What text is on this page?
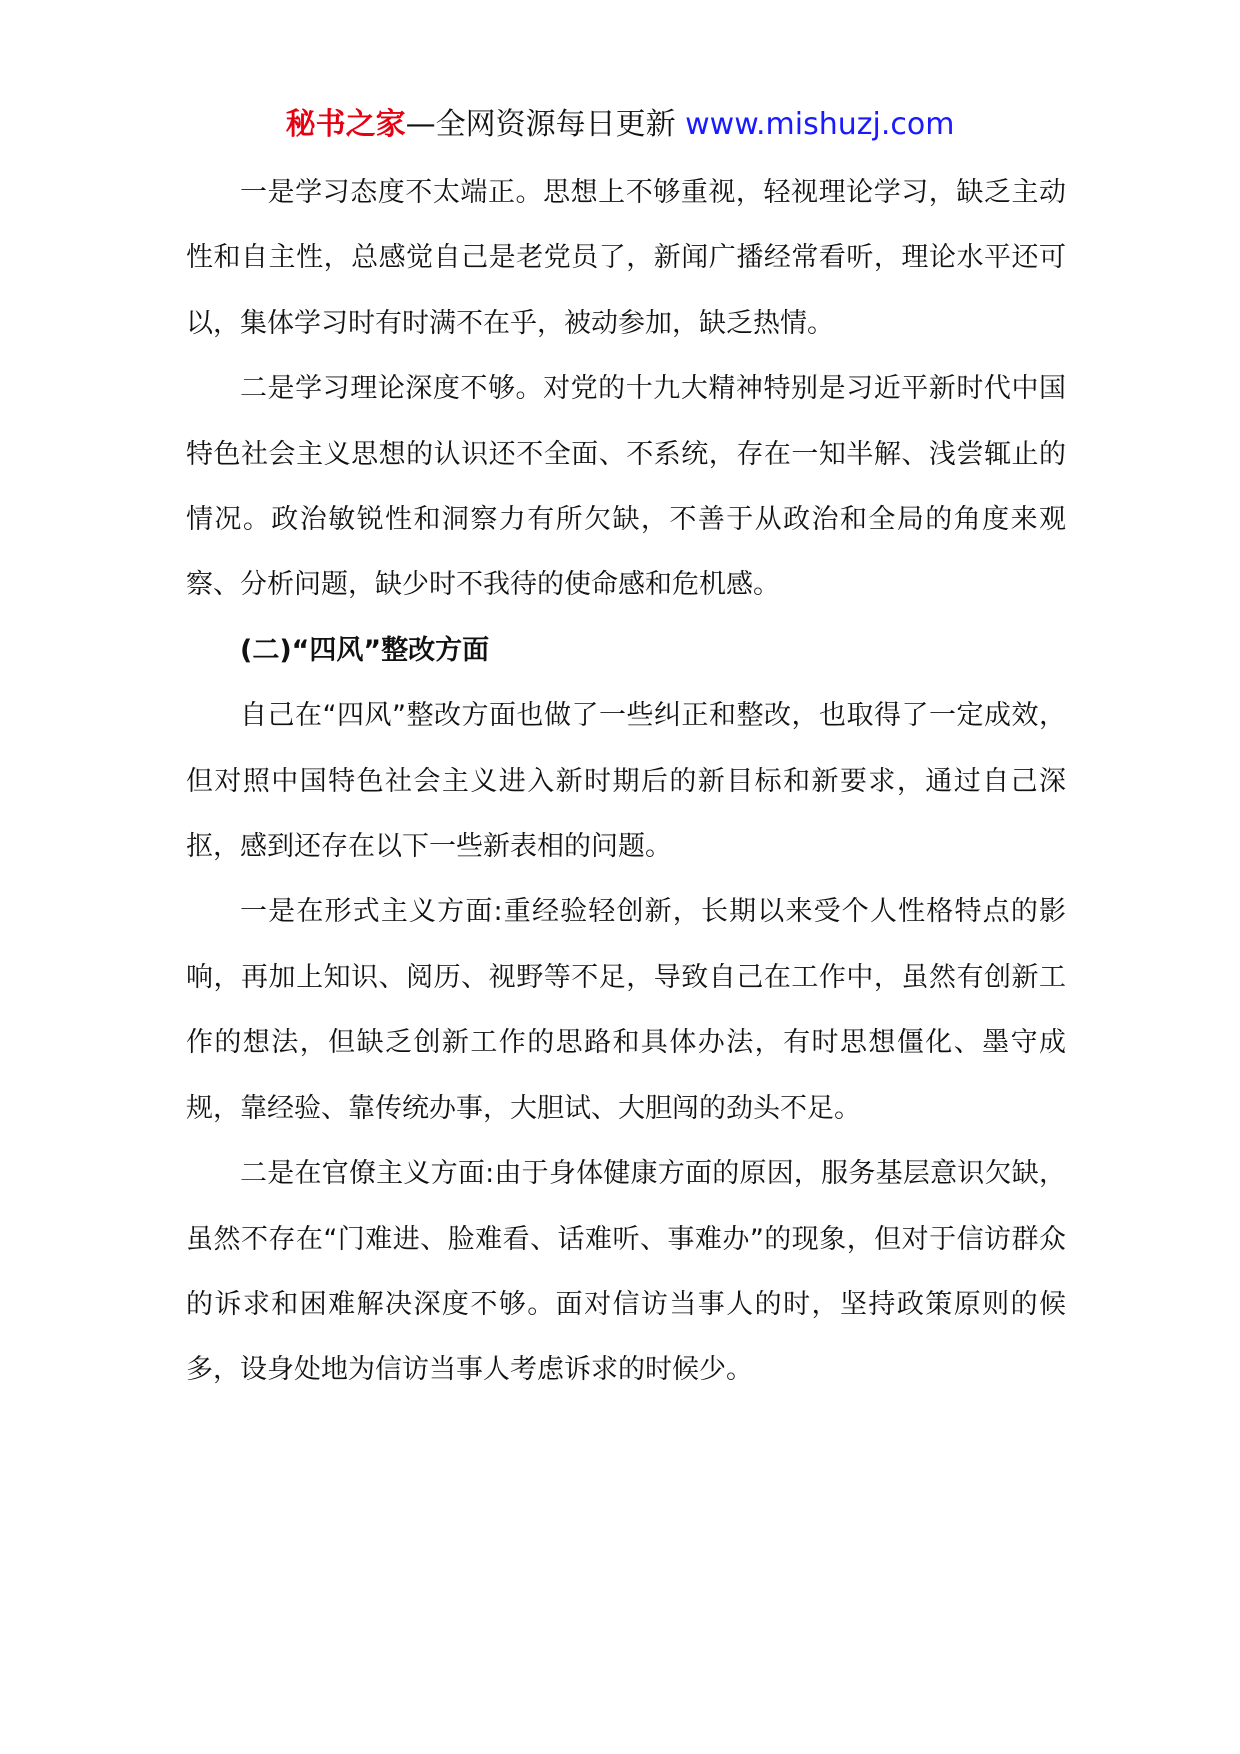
秘书之家—全网资源每日更新 www.mishuzj.com

一是学习态度不太端正。思想上不够重视，轻视理论学习，缺乏主动性和自主性，总感觉自己是老党员了，新闻广播经常看听，理论水平还可以，集体学习时有时满不在乎，被动参加，缺乏热情。

二是学习理论深度不够。对党的十九大精神特别是习近平新时代中国特色社会主义思想的认识还不全面、不系统，存在一知半解、浅尝辄止的情况。政治敏锐性和洞察力有所欠缺，不善于从政治和全局的角度来观察、分析问题，缺少时不我待的使命感和危机感。

(二)“四风”整改方面

自己在“四风”整改方面也做了一些纠正和整改，也取得了一定成效，但对照中国特色社会主义进入新时期后的新目标和新要求，通过自己深抠，感到还存在以下一些新表相的问题。

一是在形式主义方面:重经验轻创新，长期以来受个人性格特点的影响，再加上知识、阅历、视野等不足，导致自己在工作中，虽然有创新工作的想法，但缺乏创新工作的思路和具体办法，有时思想僵化、墨守成规，靠经验、靠传统办事，大胆试、大胆闯的劲头不足。

二是在官僚主义方面:由于身体健康方面的原因，服务基层意识欠缺，虽然不存在“门难进、脸难看、话难听、事难办”的现象，但对于信访群众的诉求和困难解决深度不够。面对信访当事人的时，坚持政策原则的候多，设身处地为信访当事人考虑诉求的时候少。
